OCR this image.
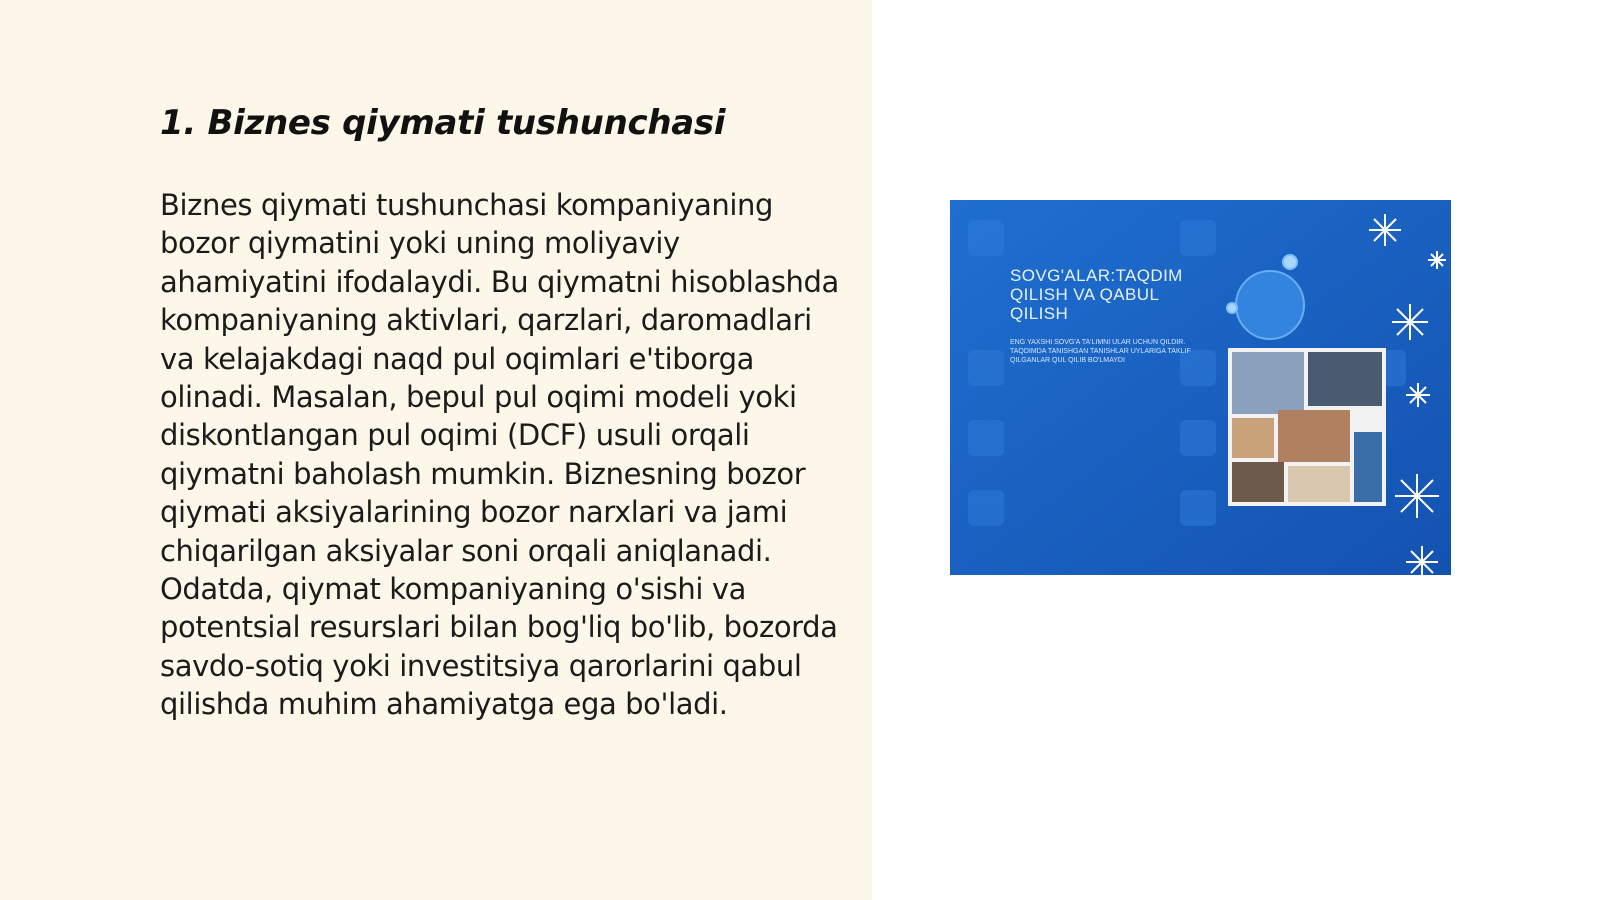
1. Biznes qiymati tushunchasi

Biznes qiymati tushunchasi kompaniyaning bozor qiymatini yoki uning moliyaviy ahamiyatini ifodalaydi. Bu qiymatni hisoblashda kompaniyaning aktivlari, qarzlari, daromadlari va kelajakdagi naqd pul oqimlari e'tiborga olinadi. Masalan, bepul pul oqimi modeli yoki diskontlangan pul oqimi (DCF) usuli orqali qiymatni baholash mumkin. Biznesning bozor qiymati aksiyalarining bozor narxlari va jami chiqarilgan aksiyalar soni orqali aniqlanadi. Odatda, qiymat kompaniyaning o'sishi va potentsial resurslari bilan bog'liq bo'lib, bozorda savdo-sotiq yoki investitsiya qarorlarini qabul qilishda muhim ahamiyatga ega bo'ladi.

SOVG'ALAR:TAQDIM QILISH VA QABUL QILISH
ENG YAXSHI SOVG'A TA'LIMNI ULAR UCHUN QILDIR. TAQDIMDA TANISHGAN TANISHLAR UYLARIGA TAKLIF QILGANLAR QUL QILIB BO'LMAYDI
